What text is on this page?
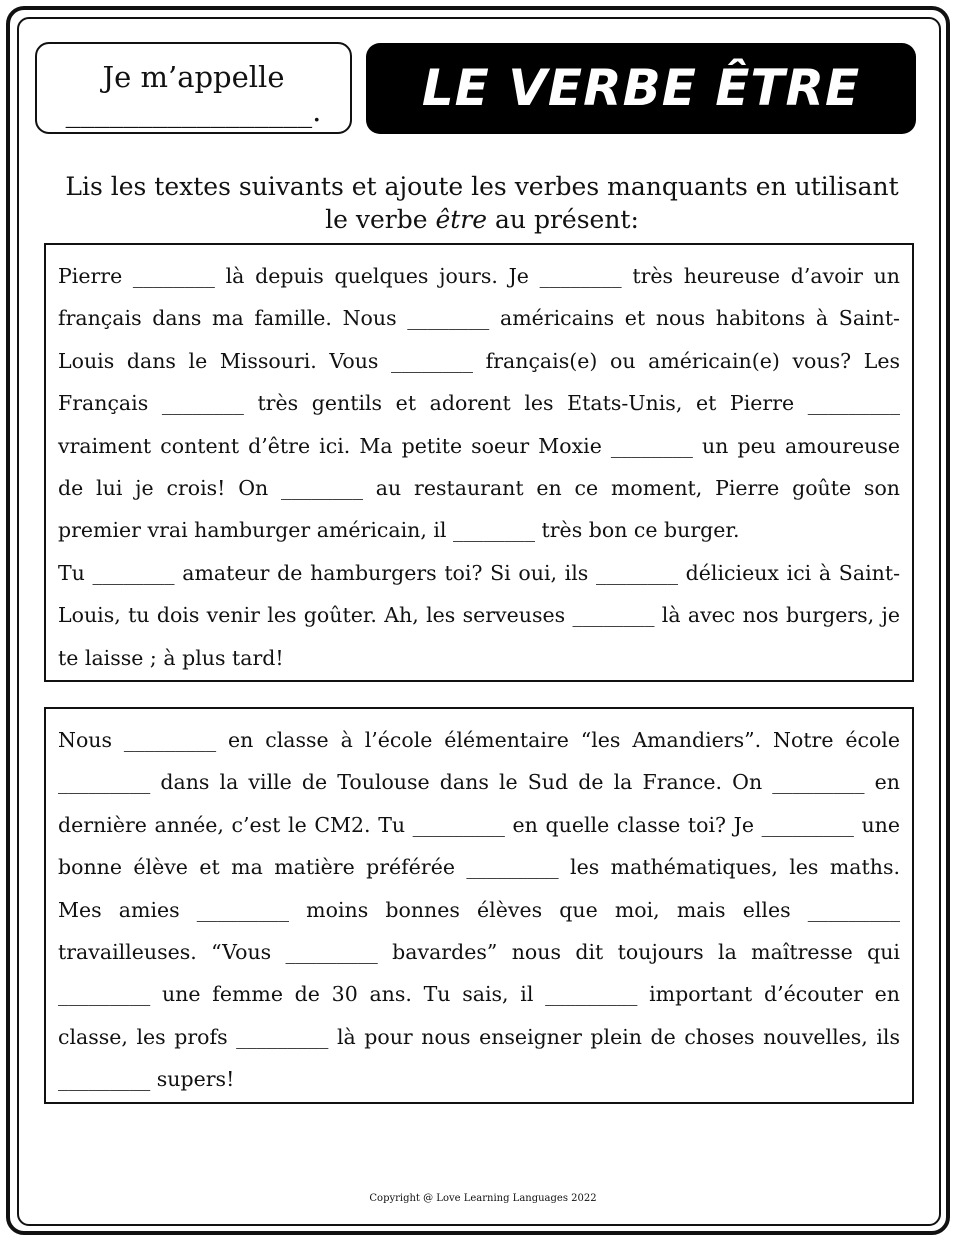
Je m’appelle
_________________.	LE VERBE ÊTRE
Lis les textes suivants et ajoute les verbes manquants en utilisant le verbe être au présent:

Pierre ________ là depuis quelques jours. Je ________ très heureuse d’avoir un français dans ma famille. Nous ________ américains et nous habitons à Saint-Louis dans le Missouri. Vous ________ français(e) ou américain(e) vous? Les Français ________ très gentils et adorent les Etats-Unis, et Pierre _________ vraiment content d’être ici. Ma petite soeur Moxie ________ un peu amoureuse de lui je crois! On ________ au restaurant en ce moment, Pierre goûte son premier vrai hamburger américain, il ________ très bon ce burger.

Tu ________ amateur de hamburgers toi? Si oui, ils ________ délicieux ici à Saint-Louis, tu dois venir les goûter. Ah, les serveuses ________ là avec nos burgers, je te laisse ; à plus tard!

Nous _________ en classe à l’école élémentaire “les Amandiers”. Notre école _________ dans la ville de Toulouse dans le Sud de la France. On _________ en dernière année, c’est le CM2. Tu _________ en quelle classe toi? Je _________ une bonne élève et ma matière préférée _________ les mathématiques, les maths. Mes amies _________ moins bonnes élèves que moi, mais elles _________ travailleuses. “Vous _________ bavardes” nous dit toujours la maîtresse qui _________ une femme de 30 ans. Tu sais, il _________ important d’écouter en classe, les profs _________ là pour nous enseigner plein de choses nouvelles, ils _________ supers!

Copyright @ Love Learning Languages 2022
